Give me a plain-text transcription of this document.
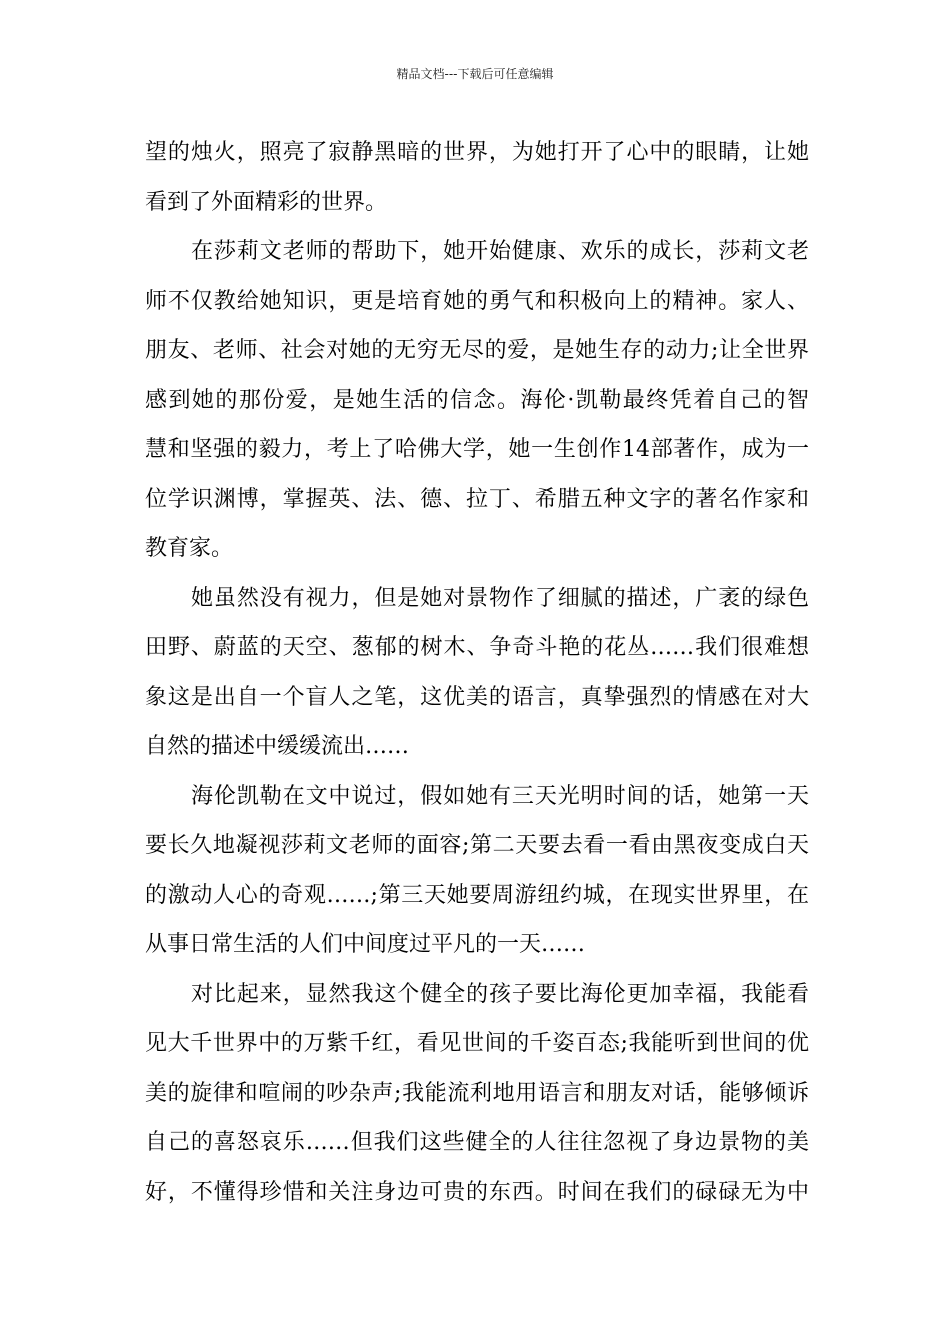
精品文档---下载后可任意编辑
望的烛火，照亮了寂静黑暗的世界，为她打开了心中的眼睛，让她
看到了外面精彩的世界。
在莎莉文老师的帮助下，她开始健康、欢乐的成长，莎莉文老
师不仅教给她知识，更是培育她的勇气和积极向上的精神。家人、
朋友、老师、社会对她的无穷无尽的爱，是她生存的动力;让全世界
感到她的那份爱，是她生活的信念。海伦·凯勒最终凭着自己的智
慧和坚强的毅力，考上了哈佛大学，她一生创作14部著作，成为一
位学识渊博，掌握英、法、德、拉丁、希腊五种文字的著名作家和
教育家。
她虽然没有视力，但是她对景物作了细腻的描述，广袤的绿色
田野、蔚蓝的天空、葱郁的树木、争奇斗艳的花丛……我们很难想
象这是出自一个盲人之笔，这优美的语言，真挚强烈的情感在对大
自然的描述中缓缓流出……
海伦凯勒在文中说过，假如她有三天光明时间的话，她第一天
要长久地凝视莎莉文老师的面容;第二天要去看一看由黑夜变成白天
的激动人心的奇观……;第三天她要周游纽约城，在现实世界里，在
从事日常生活的人们中间度过平凡的一天……
对比起来，显然我这个健全的孩子要比海伦更加幸福，我能看
见大千世界中的万紫千红，看见世间的千姿百态;我能听到世间的优
美的旋律和喧闹的吵杂声;我能流利地用语言和朋友对话，能够倾诉
自己的喜怒哀乐……但我们这些健全的人往往忽视了身边景物的美
好，不懂得珍惜和关注身边可贵的东西。时间在我们的碌碌无为中
